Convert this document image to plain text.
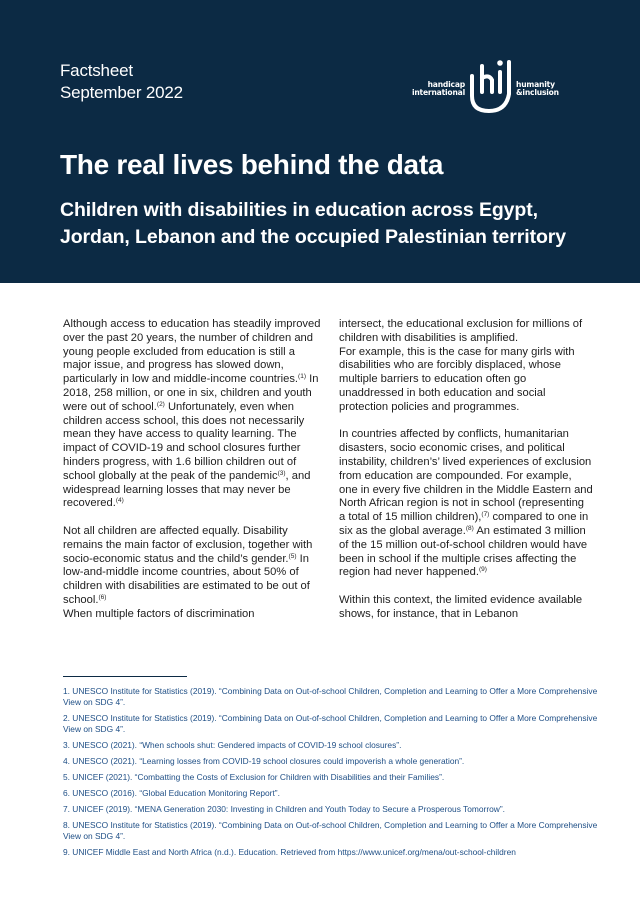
Factsheet
September 2022	handicap
international
humanity
&inclusion
The real lives behind the data
Children with disabilities in education across Egypt, Jordan, Lebanon and the occupied Palestinian territory

Although access to education has steadily improved over the past 20 years, the number of children and young people excluded from education is still a major issue, and progress has slowed down, particularly in low and middle-income countries.$^{(1)}$ In 2018, 258 million, or one in six, children and youth were out of school.$^{(2)}$ Unfortunately, even when children access school, this does not necessarily mean they have access to quality learning. The impact of COVID-19 and school closures further hinders progress, with 1.6 billion children out of school globally at the peak of the pandemic$^{(3)}$, and widespread learning losses that may never be recovered.$^{(4)}$

Not all children are affected equally. Disability remains the main factor of exclusion, together with socio-economic status and the child’s gender.$^{(5)}$ In low-and-middle income countries, about 50% of children with disabilities are estimated to be out of school.$^{(6)}$

When multiple factors of discrimination

intersect, the educational exclusion for millions of children with disabilities is amplified.

For example, this is the case for many girls with disabilities who are forcibly displaced, whose multiple barriers to education often go unaddressed in both education and social protection policies and programmes.

In countries affected by conflicts, humanitarian disasters, socio economic crises, and political instability, children’s’ lived experiences of exclusion from education are compounded. For example, one in every five children in the Middle Eastern and North African region is not in school (representing a total of 15 million children),$^{(7)}$ compared to one in six as the global average.$^{(8)}$ An estimated 3 million of the 15 million out-of-school children would have been in school if the multiple crises affecting the region had never happened.$^{(9)}$

Within this context, the limited evidence available shows, for instance, that in Lebanon

1. UNESCO Institute for Statistics (2019). “Combining Data on Out-of-school Children, Completion and Learning to Offer a More Comprehensive View on SDG 4”.
2. UNESCO Institute for Statistics (2019). “Combining Data on Out-of-school Children, Completion and Learning to Offer a More Comprehensive View on SDG 4”.
3. UNESCO (2021). “When schools shut: Gendered impacts of COVID-19 school closures”.
4. UNESCO (2021). “Learning losses from COVID-19 school closures could impoverish a whole generation”.
5. UNICEF (2021). “Combatting the Costs of Exclusion for Children with Disabilities and their Families”.
6. UNESCO (2016). “Global Education Monitoring Report”.
7. UNICEF (2019). “MENA Generation 2030: Investing in Children and Youth Today to Secure a Prosperous Tomorrow”.
8. UNESCO Institute for Statistics (2019). “Combining Data on Out-of-school Children, Completion and Learning to Offer a More Comprehensive View on SDG 4”.
9. UNICEF Middle East and North Africa (n.d.). Education. Retrieved from https://www.unicef.org/mena/out-school-children
